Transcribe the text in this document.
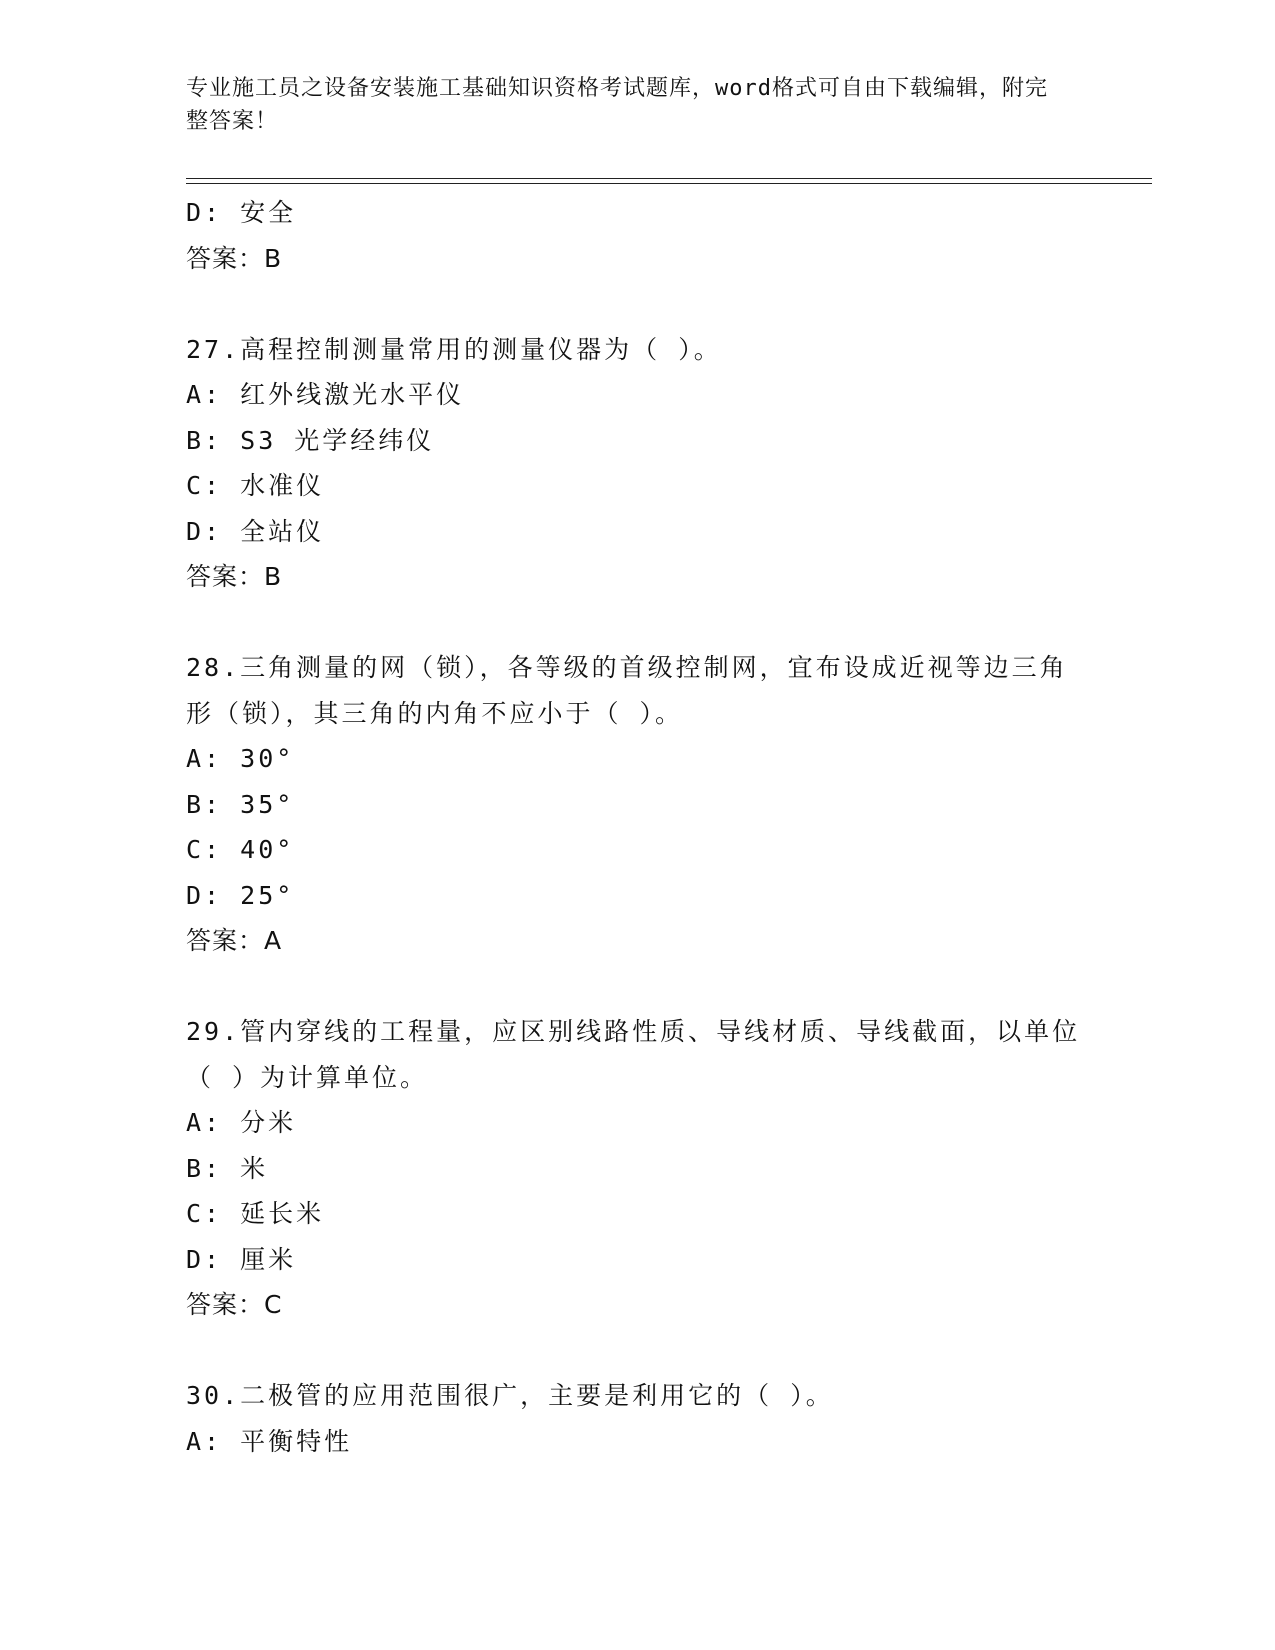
专业施工员之设备安装施工基础知识资格考试题库，word格式可自由下载编辑，附完整答案！
D: 安全
答案：B
27.高程控制测量常用的测量仪器为（ ）。
A: 红外线激光水平仪
B: S3 光学经纬仪
C: 水准仪
D: 全站仪
答案：B
28.三角测量的网（锁），各等级的首级控制网，宜布设成近视等边三角形（锁），其三角的内角不应小于（ ）。
A: 30°
B: 35°
C: 40°
D: 25°
答案：A
29.管内穿线的工程量，应区别线路性质、导线材质、导线截面，以单位（ ）为计算单位。
A: 分米
B: 米
C: 延长米
D: 厘米
答案：C
30.二极管的应用范围很广，主要是利用它的（ ）。
A: 平衡特性
